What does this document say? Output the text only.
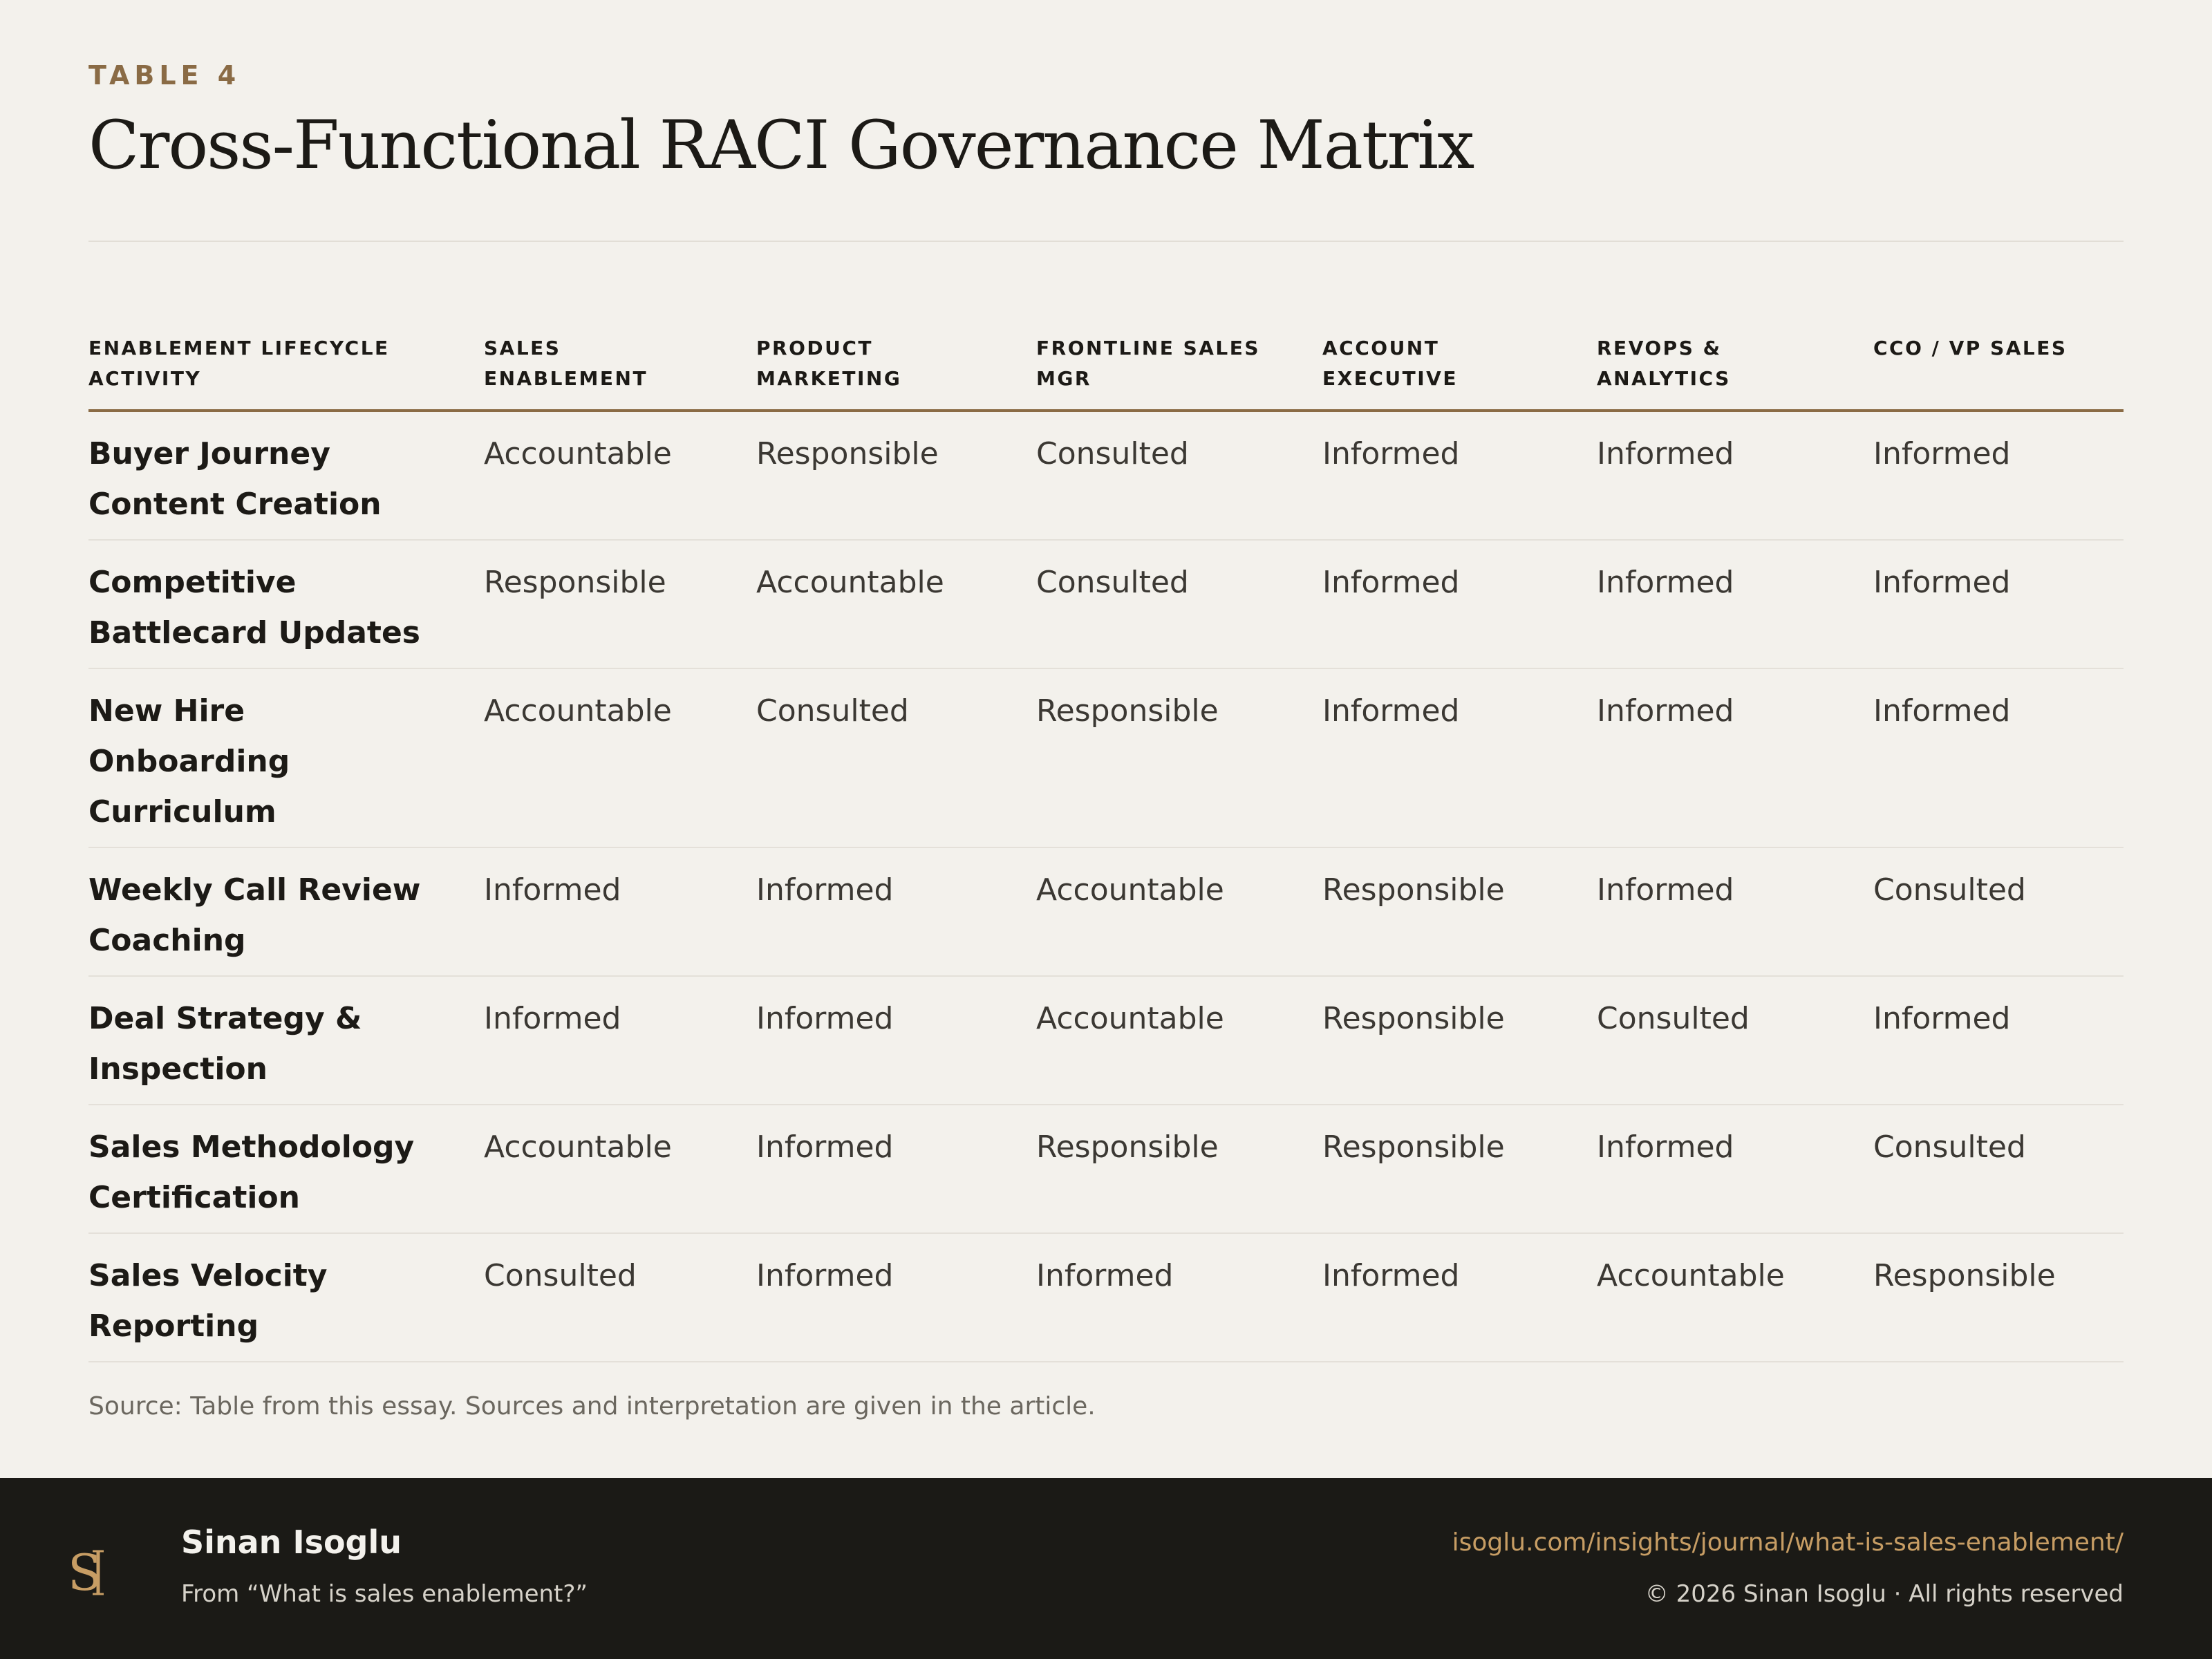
TABLE 4
Cross-Functional RACI Governance Matrix
ENABLEMENT LIFECYCLE ACTIVITY	SALES ENABLEMENT	PRODUCT MARKETING	FRONTLINE SALES MGR	ACCOUNT EXECUTIVE	REVOPS & ANALYTICS	CCO / VP SALES
Buyer Journey Content Creation	Accountable	Responsible	Consulted	Informed	Informed	Informed
Competitive Battlecard Updates	Responsible	Accountable	Consulted	Informed	Informed	Informed
New Hire Onboarding Curriculum	Accountable	Consulted	Responsible	Informed	Informed	Informed
Weekly Call Review Coaching	Informed	Informed	Accountable	Responsible	Informed	Consulted
Deal Strategy & Inspection	Informed	Informed	Accountable	Responsible	Consulted	Informed
Sales Methodology Certification	Accountable	Informed	Responsible	Responsible	Informed	Consulted
Sales Velocity Reporting	Consulted	Informed	Informed	Informed	Accountable	Responsible
Source: Table from this essay. Sources and interpretation are given in the article.
S
Sinan Isoglu
From “What is sales enablement?”
isoglu.com/insights/journal/what-is-sales-enablement/
© 2026 Sinan Isoglu · All rights reserved
